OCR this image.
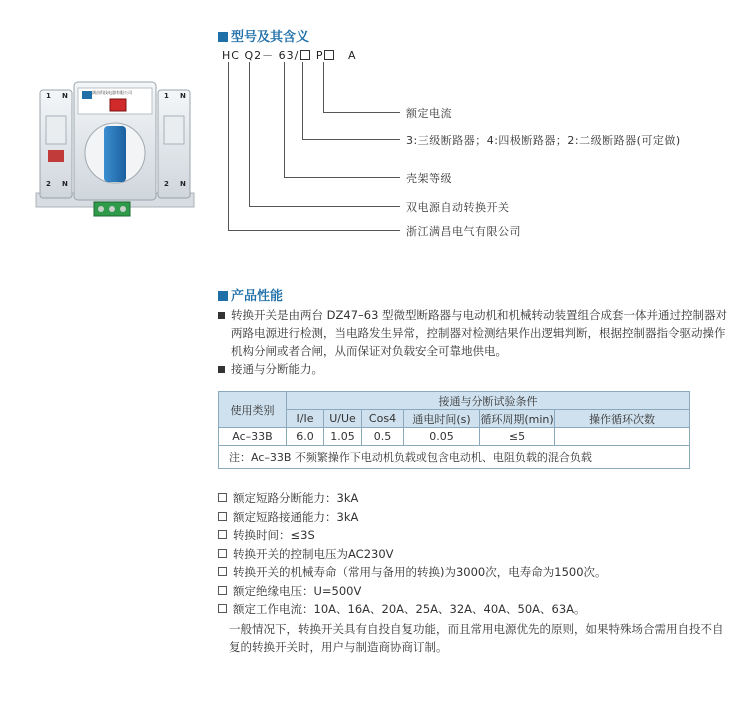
型号及其含义
HC Q2－ 63/ P A
额定电流
3:三级断路器；4:四极断路器；2:二级断路器(可定做)
壳架等级
双电源自动转换开关
浙江满昌电气有限公司
满昌科技电器有限公司
1 N
2 N
1 N
2 N
产品性能
转换开关是由两台 DZ47–63 型微型断路器与电动机和机械转动装置组合成套一体并通过控制器对
两路电源进行检测，当电路发生异常，控制器对检测结果作出逻辑判断，根据控制器指令驱动操作
机构分闸或者合闸，从而保证对负载安全可靠地供电。
接通与分断能力。
使用类别	接通与分断试验条件					
	I/Ie	U/Ue	Cos4	通电时间(s)	循环周期(min)	操作循环次数
Ac–33B	6.0	1.05	0.5	0.05	≤5	
注：Ac–33B 不频繁操作下电动机负载或包含电动机、电阻负载的混合负载						
额定短路分断能力：3kA
额定短路接通能力：3kA
转换时间：≤3S
转换开关的控制电压为AC230V
转换开关的机械寿命（常用与备用的转换)为3000次，电寿命为1500次。
额定绝缘电压：U=500V
额定工作电流：10A、16A、20A、25A、32A、40A、50A、63A。
一般情况下，转换开关具有自投自复功能，而且常用电源优先的原则，如果特殊场合需用自投不自
复的转换开关时，用户与制造商协商订制。
